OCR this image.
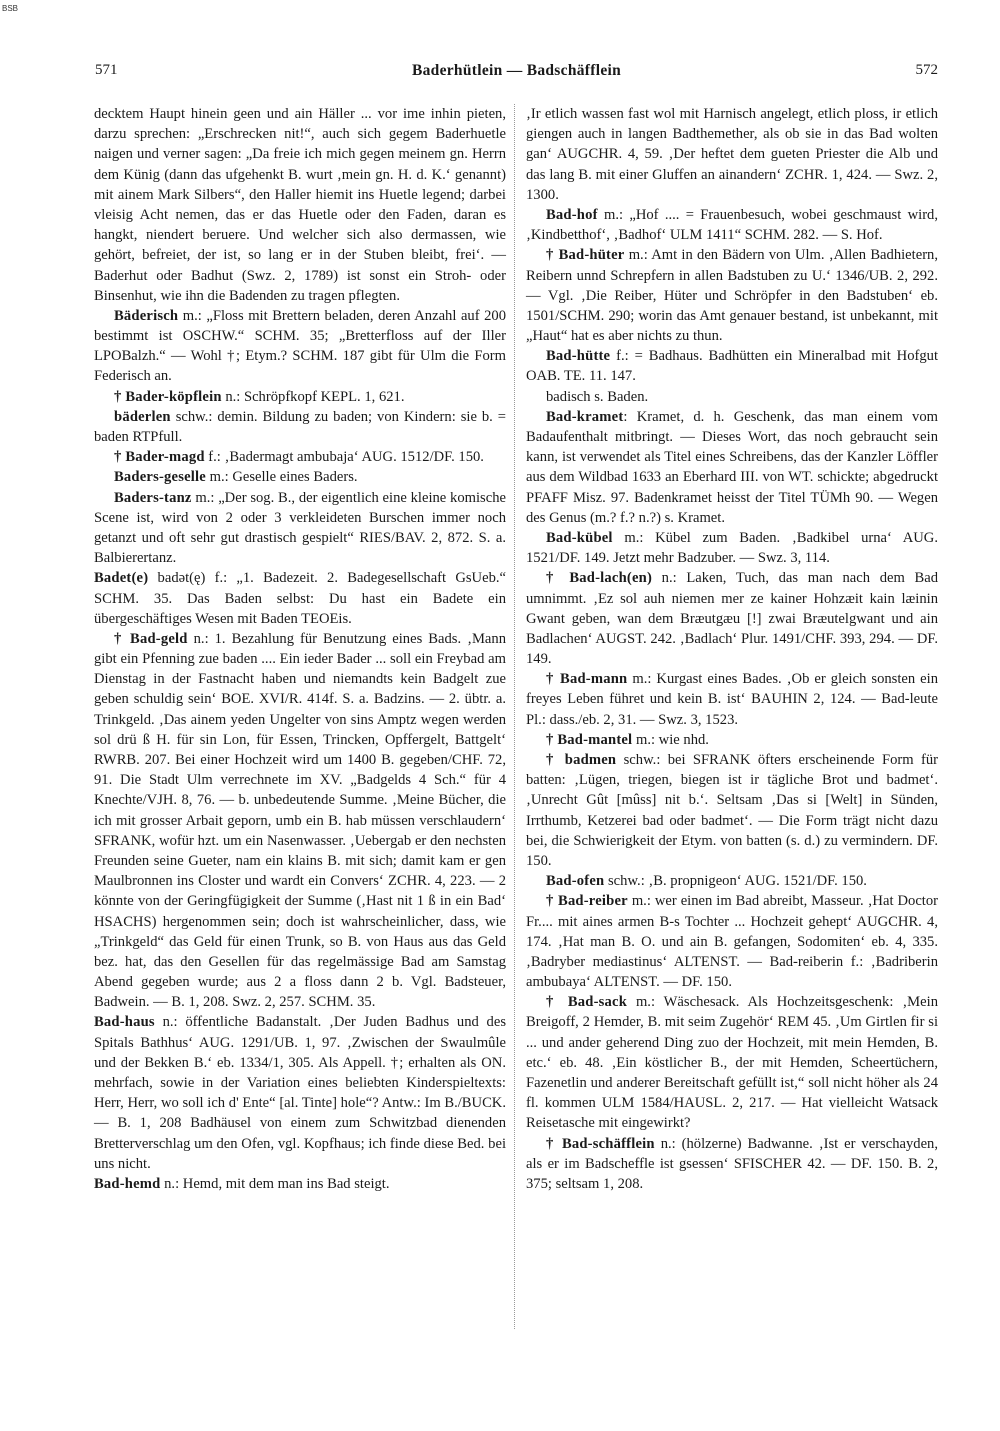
BSB
571	Baderhütlein — Badschäfflein	572

decktem Haupt hinein geen und ain Häller ... vor ime inhin pieten, darzu sprechen: „Erschrecken nit!“, auch sich gegem Baderhuetle naigen und verner sagen: „Da freie ich mich gegen meinem gn. Herrn dem Künig (dann das ufgehenkt B. wurt ‚mein gn. H. d. K.‘ genannt) mit ainem Mark Silbers“, den Haller hiemit ins Huetle legend; darbei vleisig Acht nemen, das er das Huetle oder den Faden, daran es hangkt, niendert beruere. Und welcher sich also dermassen, wie gehört, befreiet, der ist, so lang er in der Stuben bleibt, frei‘. — Baderhut oder Badhut (Swz. 2, 1789) ist sonst ein Stroh- oder Binsenhut, wie ihn die Badenden zu tragen pflegten.

Bäderisch m.: „Floss mit Brettern beladen, deren Anzahl auf 200 bestimmt ist OSCHW.“ SCHM. 35; „Bretterfloss auf der Iller LPOBalzh.“ — Wohl †; Etym.? SCHM. 187 gibt für Ulm die Form Federisch an.

† Bader-köpflein n.: Schröpfkopf KEPL. 1, 621.

bäderlen schw.: demin. Bildung zu baden; von Kindern: sie b. = baden RTPfull.

† Bader-magd f.: ‚Badermagt ambubaja‘ AUG. 1512/DF. 150.

Baders-geselle m.: Geselle eines Baders.

Baders-tanz m.: „Der sog. B., der eigentlich eine kleine komische Scene ist, wird von 2 oder 3 verkleideten Burschen immer noch getanzt und oft sehr gut drastisch gespielt“ RIES/BAV. 2, 872. S. a. Balbierertanz.

Badet(e) badət(ę) f.: „1. Badezeit. 2. Badegesellschaft GsUeb.“ SCHM. 35. Das Baden selbst: Du hast ein Badete ein übergeschäftiges Wesen mit Baden TEOEis.

† Bad-geld n.: 1. Bezahlung für Benutzung eines Bads. ‚Mann gibt ein Pfenning zue baden .... Ein ieder Bader ... soll ein Freybad am Dienstag in der Fastnacht haben und niemandts kein Badgelt zue geben schuldig sein‘ BOE. XVI/R. 414f. S. a. Badzins. — 2. übtr. a. Trinkgeld. ‚Das ainem yeden Ungelter von sins Amptz wegen werden sol drü ß H. für sin Lon, für Essen, Trincken, Opffergelt, Battgelt‘ RWRB. 207. Bei einer Hochzeit wird um 1400 B. gegeben/CHF. 72, 91. Die Stadt Ulm verrechnete im XV. „Badgelds 4 Sch.“ für 4 Knechte/VJH. 8, 76. — b. unbedeutende Summe. ‚Meine Bücher, die ich mit grosser Arbait geporn, umb ein B. hab müssen verschlaudern‘ SFRANK, wofür hzt. um ein Nasenwasser. ‚Uebergab er den nechsten Freunden seine Gueter, nam ein klains B. mit sich; damit kam er gen Maulbronnen ins Closter und wardt ein Convers‘ ZCHR. 4, 223. — 2 könnte von der Geringfügigkeit der Summe (‚Hast nit 1 ß in ein Bad‘ HSACHS) hergenommen sein; doch ist wahrscheinlicher, dass, wie „Trinkgeld“ das Geld für einen Trunk, so B. von Haus aus das Geld bez. hat, das den Gesellen für das regelmässige Bad am Samstag Abend gegeben wurde; aus 2 a floss dann 2 b. Vgl. Badsteuer, Badwein. — B. 1, 208. Swz. 2, 257. SCHM. 35.

Bad-haus n.: öffentliche Badanstalt. ‚Der Juden Badhus und des Spitals Bathhus‘ AUG. 1291/UB. 1, 97. ‚Zwischen der Swaulmûle und der Bekken B.‘ eb. 1334/1, 305. Als Appell. †; erhalten als ON. mehrfach, sowie in der Variation eines beliebten Kinderspieltexts: Herr, Herr, wo soll ich d' Ente“ [al. Tinte] hole“? Antw.: Im B./BUCK. — B. 1, 208 Badhäusel von einem zum Schwitzbad dienenden Bretterverschlag um den Ofen, vgl. Kopfhaus; ich finde diese Bed. bei uns nicht.

Bad-hemd n.: Hemd, mit dem man ins Bad steigt.

‚Ir etlich wassen fast wol mit Harnisch angelegt, etlich ploss, ir etlich giengen auch in langen Badthemether, als ob sie in das Bad wolten gan‘ AUGCHR. 4, 59. ‚Der heftet dem gueten Priester die Alb und das lang B. mit einer Gluffen an ainandern‘ ZCHR. 1, 424. — Swz. 2, 1300.

Bad-hof m.: „Hof .... = Frauenbesuch, wobei geschmaust wird, ‚Kindbetthof‘, ‚Badhof‘ ULM 1411“ SCHM. 282. — S. Hof.

† Bad-hüter m.: Amt in den Bädern von Ulm. ‚Allen Badhietern, Reibern unnd Schrepfern in allen Badstuben zu U.‘ 1346/UB. 2, 292. — Vgl. ‚Die Reiber, Hüter und Schröpfer in den Badstuben‘ eb. 1501/SCHM. 290; worin das Amt genauer bestand, ist unbekannt, mit „Haut“ hat es aber nichts zu thun.

Bad-hütte f.: = Badhaus. Badhütten ein Mineralbad mit Hofgut OAB. TE. 11. 147.

badisch s. Baden.

Bad-kramet: Kramet, d. h. Geschenk, das man einem vom Badaufenthalt mitbringt. — Dieses Wort, das noch gebraucht sein kann, ist verwendet als Titel eines Schreibens, das der Kanzler Löffler aus dem Wildbad 1633 an Eberhard III. von WT. schickte; abgedruckt PFAFF Misz. 97. Badenkramet heisst der Titel TÜMh 90. — Wegen des Genus (m.? f.? n.?) s. Kramet.

Bad-kübel m.: Kübel zum Baden. ‚Badkibel urna‘ AUG. 1521/DF. 149. Jetzt mehr Badzuber. — Swz. 3, 114.

† Bad-lach(en) n.: Laken, Tuch, das man nach dem Bad umnimmt. ‚Ez sol auh niemen mer ze kainer Hohzæit kain læinin Gwant geben, wan dem Bræutgæu [!] zwai Bræutelgwant und ain Badlachen‘ AUGST. 242. ‚Badlach‘ Plur. 1491/CHF. 393, 294. — DF. 149.

† Bad-mann m.: Kurgast eines Bades. ‚Ob er gleich sonsten ein freyes Leben führet und kein B. ist‘ BAUHIN 2, 124. — Bad-leute Pl.: dass./eb. 2, 31. — Swz. 3, 1523.

† Bad-mantel m.: wie nhd.

† badmen schw.: bei SFRANK öfters erscheinende Form für batten: ‚Lügen, triegen, biegen ist ir tägliche Brot und badmet‘. ‚Unrecht Gût [mûss] nit b.‘. Seltsam ‚Das si [Welt] in Sünden, Irrthumb, Ketzerei bad oder badmet‘. — Die Form trägt nicht dazu bei, die Schwierigkeit der Etym. von batten (s. d.) zu vermindern. DF. 150.

Bad-ofen schw.: ‚B. propnigeon‘ AUG. 1521/DF. 150.

† Bad-reiber m.: wer einen im Bad abreibt, Masseur. ‚Hat Doctor Fr.... mit aines armen B-s Tochter ... Hochzeit gehept‘ AUGCHR. 4, 174. ‚Hat man B. O. und ain B. gefangen, Sodomiten‘ eb. 4, 335. ‚Badryber mediastinus‘ ALTENST. — Bad-reiberin f.: ‚Badriberin ambubaya‘ ALTENST. — DF. 150.

† Bad-sack m.: Wäschesack. Als Hochzeitsgeschenk: ‚Mein Breigoff, 2 Hemder, B. mit seim Zugehör‘ REM 45. ‚Um Girtlen fir si ... und ander geherend Ding zuo der Hochzeit, mit mein Hemden, B. etc.‘ eb. 48. ‚Ein köstlicher B., der mit Hemden, Scheertüchern, Fazenetlin und anderer Bereitschaft gefüllt ist,“ soll nicht höher als 24 fl. kommen ULM 1584/HAUSL. 2, 217. — Hat vielleicht Watsack Reisetasche mit eingewirkt?

† Bad-schäfflein n.: (hölzerne) Badwanne. ‚Ist er verschayden, als er im Badscheffle ist gsessen‘ SFISCHER 42. — DF. 150. B. 2, 375; seltsam 1, 208.
